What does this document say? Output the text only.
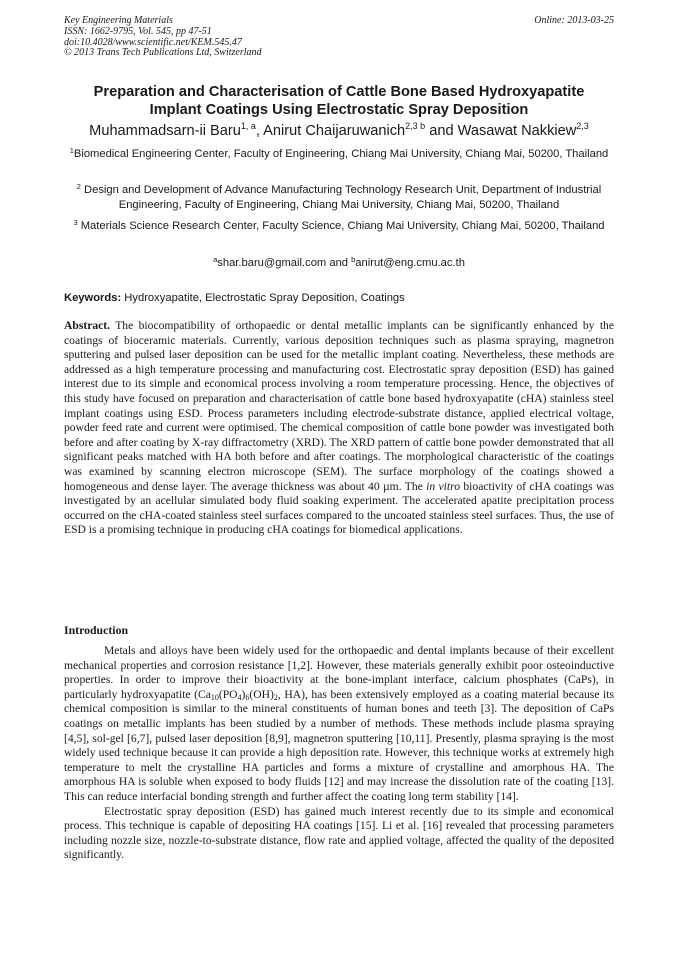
Key Engineering Materials
ISSN: 1662-9795, Vol. 545, pp 47-51
doi:10.4028/www.scientific.net/KEM.545.47
© 2013 Trans Tech Publications Ltd, Switzerland
Online: 2013-03-25
Preparation and Characterisation of Cattle Bone Based Hydroxyapatite
Implant Coatings Using Electrostatic Spray Deposition
Muhammadsarn-ii Baru$^{1, a}$, Anirut Chaijaruwanich$^{2,3 b}$ and Wasawat Nakkiew$^{2,3}$
$^1$Biomedical Engineering Center, Faculty of Engineering, Chiang Mai University, Chiang Mai, 50200, Thailand
$^2$ Design and Development of Advance Manufacturing Technology Research Unit, Department of Industrial Engineering, Faculty of Engineering, Chiang Mai University, Chiang Mai, 50200, Thailand
$^3$ Materials Science Research Center, Faculty Science, Chiang Mai University, Chiang Mai, 50200, Thailand
$^a$shar.baru@gmail.com and $^b$anirut@eng.cmu.ac.th
Keywords: Hydroxyapatite, Electrostatic Spray Deposition, Coatings
Abstract. The biocompatibility of orthopaedic or dental metallic implants can be significantly enhanced by the coatings of bioceramic materials. Currently, various deposition techniques such as plasma spraying, magnetron sputtering and pulsed laser deposition can be used for the metallic implant coating. Nevertheless, these methods are addressed as a high temperature processing and manufacturing cost. Electrostatic spray deposition (ESD) has gained interest due to its simple and economical process involving a room temperature processing. Hence, the objectives of this study have focused on preparation and characterisation of cattle bone based hydroxyapatite (cHA) stainless steel implant coatings using ESD. Process parameters including electrode-substrate distance, applied electrical voltage, powder feed rate and current were optimised. The chemical composition of cattle bone powder was investigated both before and after coating by X-ray diffractometry (XRD). The XRD pattern of cattle bone powder demonstrated that all significant peaks matched with HA both before and after coatings. The morphological characteristic of the coatings was examined by scanning electron microscope (SEM). The surface morphology of the coatings showed a homogeneous and dense layer. The average thickness was about 40 µm. The in vitro bioactivity of cHA coatings was investigated by an acellular simulated body fluid soaking experiment. The accelerated apatite precipitation process occurred on the cHA-coated stainless steel surfaces compared to the uncoated stainless steel surfaces. Thus, the use of ESD is a promising technique in producing cHA coatings for biomedical applications.
Introduction

Metals and alloys have been widely used for the orthopaedic and dental implants because of their excellent mechanical properties and corrosion resistance [1,2]. However, these materials generally exhibit poor osteoinductive properties. In order to improve their bioactivity at the bone-implant interface, calcium phosphates (CaPs), in particularly hydroxyapatite ($Ca_{10}(PO_4)_6(OH)_2$, HA), has been extensively employed as a coating material because its chemical composition is similar to the mineral constituents of human bones and teeth [3]. The deposition of CaPs coatings on metallic implants has been studied by a number of methods. These methods include plasma spraying [4,5], sol-gel [6,7], pulsed laser deposition [8,9], magnetron sputtering [10,11]. Presently, plasma spraying is the most widely used technique because it can provide a high deposition rate. However, this technique works at extremely high temperature to melt the crystalline HA particles and forms a mixture of crystalline and amorphous HA. The amorphous HA is soluble when exposed to body fluids [12] and may increase the dissolution rate of the coating [13]. This can reduce interfacial bonding strength and further affect the coating long term stability [14].

Electrostatic spray deposition (ESD) has gained much interest recently due to its simple and economical process. This technique is capable of depositing HA coatings [15]. Li et al. [16] revealed that processing parameters including nozzle size, nozzle-to-substrate distance, flow rate and applied voltage, affected the quality of the deposited significantly.
